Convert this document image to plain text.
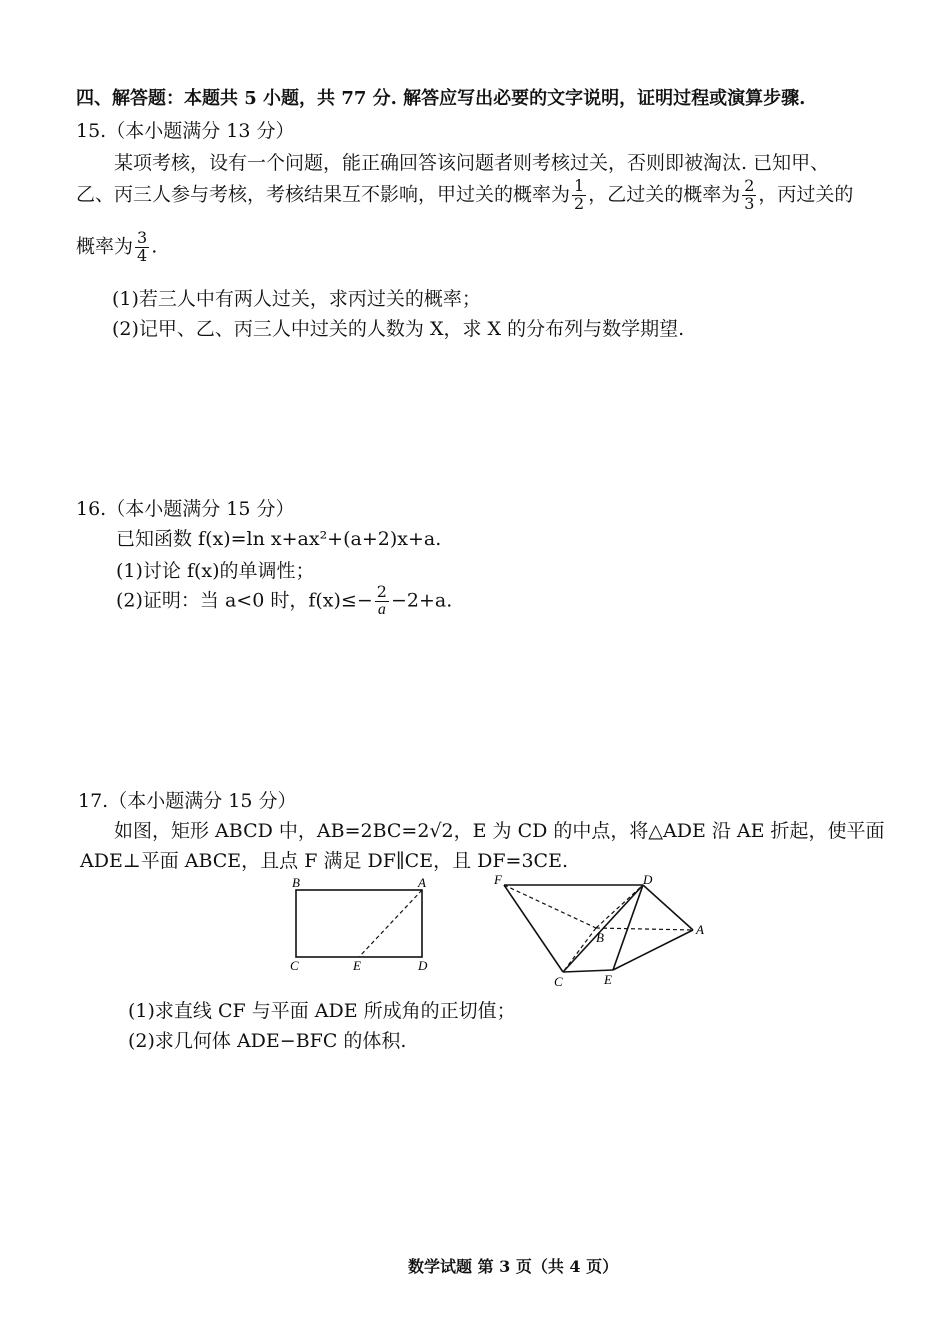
四、解答题：本题共 5 小题，共 77 分. 解答应写出必要的文字说明，证明过程或演算步骤.
15.（本小题满分 13 分）
某项考核，设有一个问题，能正确回答该问题者则考核过关，否则即被淘汰. 已知甲、
乙、丙三人参与考核，考核结果互不影响，甲过关的概率为 $\frac{1}{2}$ ，乙过关的概率为 $\frac{2}{3}$ ，丙过关的
概率为 $\frac{3}{4}$ .
(1)若三人中有两人过关，求丙过关的概率；
(2)记甲、乙、丙三人中过关的人数为 X，求 X 的分布列与数学期望.
16.（本小题满分 15 分）
已知函数 f(x)=ln x+ax²+(a+2)x+a.
(1)讨论 f(x)的单调性；
(2)证明：当 a<0 时，$f(x)\le- \frac{2}{a} -2+a$.
17.（本小题满分 15 分）
如图，矩形 ABCD 中，AB=2BC=2√2，E 为 CD 的中点，将△ADE 沿 AE 折起，使平面
ADE⊥平面 ABCE，且点 F 满足 DF∥CE，且 DF=3CE.
B	A
C	E	D
F	D
B
A
C	E
(1)求直线 CF 与平面 ADE 所成角的正切值；
(2)求几何体 ADE−BFC 的体积.
数学试题 第 3 页（共 4 页）
